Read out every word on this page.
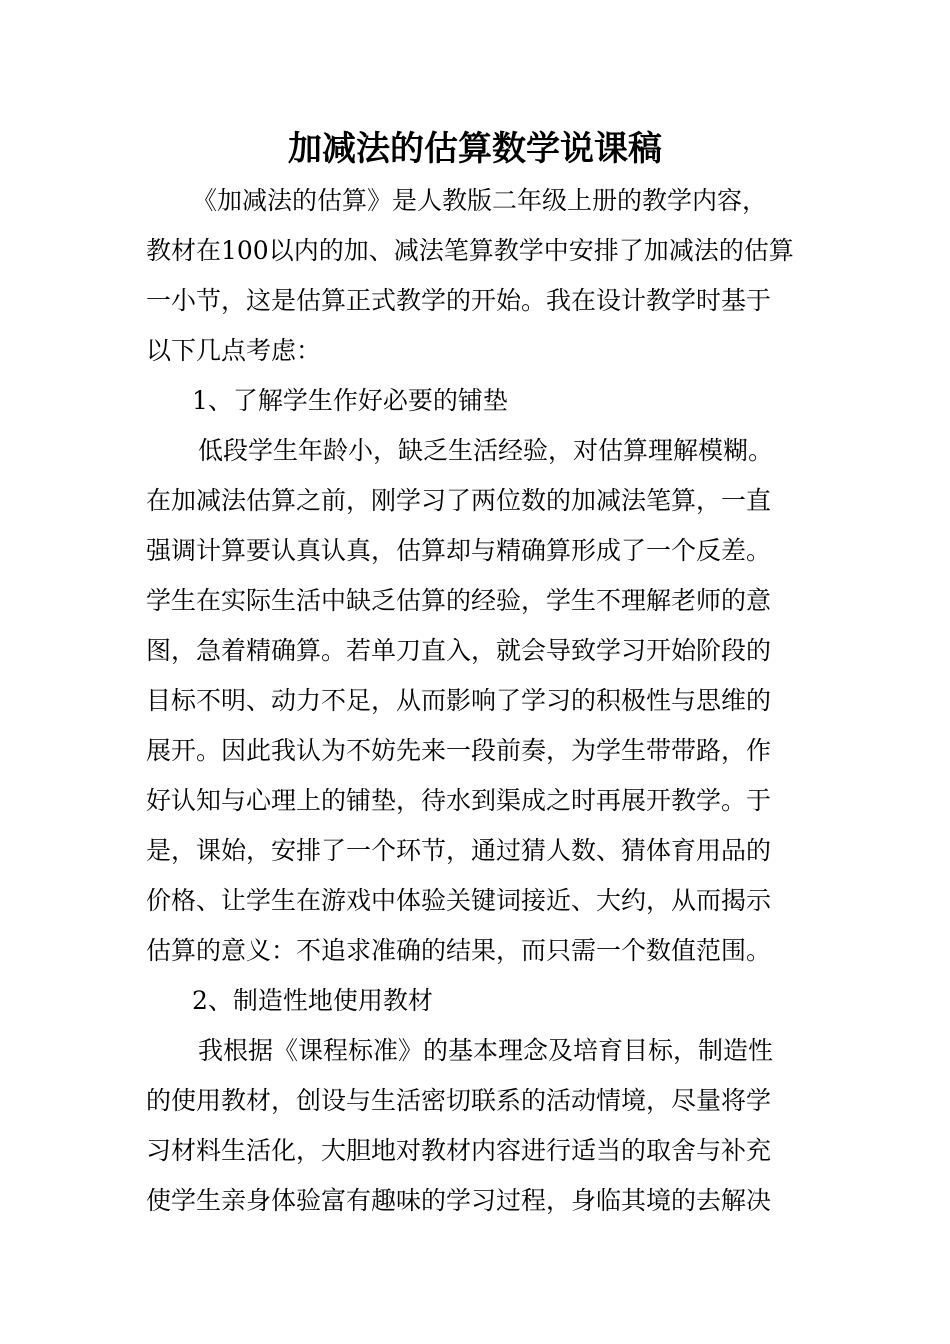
加减法的估算数学说课稿
《加减法的估算》是人教版二年级上册的教学内容，
教材在100以内的加、减法笔算教学中安排了加减法的估算
一小节，这是估算正式教学的开始。我在设计教学时基于
以下几点考虑：
1、了解学生作好必要的铺垫
低段学生年龄小，缺乏生活经验，对估算理解模糊。
在加减法估算之前，刚学习了两位数的加减法笔算，一直
强调计算要认真认真，估算却与精确算形成了一个反差。
学生在实际生活中缺乏估算的经验，学生不理解老师的意
图，急着精确算。若单刀直入，就会导致学习开始阶段的
目标不明、动力不足，从而影响了学习的积极性与思维的
展开。因此我认为不妨先来一段前奏，为学生带带路，作
好认知与心理上的铺垫，待水到渠成之时再展开教学。于
是，课始，安排了一个环节，通过猜人数、猜体育用品的
价格、让学生在游戏中体验关键词接近、大约，从而揭示
估算的意义：不追求准确的结果，而只需一个数值范围。
2、制造性地使用教材
我根据《课程标准》的基本理念及培育目标，制造性
的使用教材，创设与生活密切联系的活动情境，尽量将学
习材料生活化，大胆地对教材内容进行适当的取舍与补充
使学生亲身体验富有趣味的学习过程，身临其境的去解决
